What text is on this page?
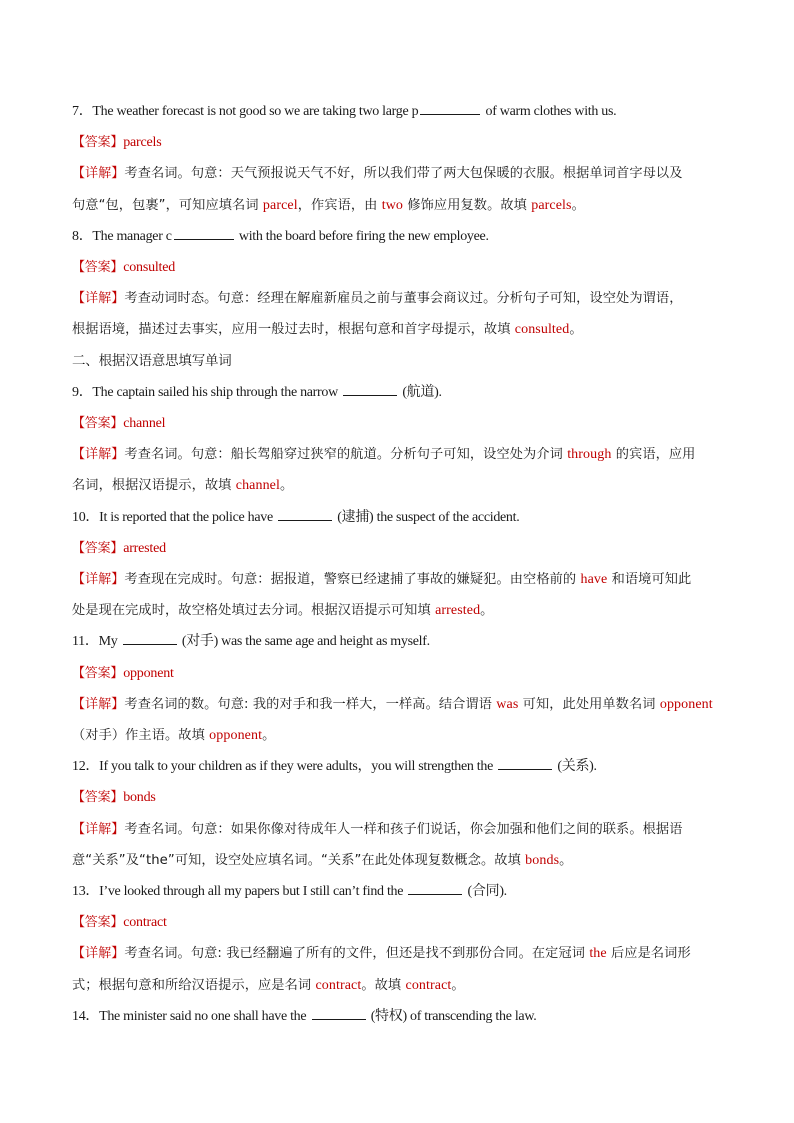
7．The weather forecast is not good so we are taking two large p	of warm clothes with us.
【答案】parcels
【详解】考查名词。句意：天气预报说天气不好，所以我们带了两大包保暖的衣服。根据单词首字母以及
句意“包，包裹”，可知应填名词 parcel，作宾语，由 two 修饰应用复数。故填 parcels。
8．The manager c	with the board before firing the new employee.
【答案】consulted
【详解】考查动词时态。句意：经理在解雇新雇员之前与董事会商议过。分析句子可知，设空处为谓语，
根据语境，描述过去事实，应用一般过去时，根据句意和首字母提示，故填 consulted。
二、根据汉语意思填写单词
9．The captain sailed his ship through the narrow	(航道).
【答案】channel
【详解】考查名词。句意：船长驾船穿过狭窄的航道。分析句子可知，设空处为介词 through 的宾语，应用
名词，根据汉语提示，故填 channel。
10．It is reported that the police have	(逮捕) the suspect of the accident.
【答案】arrested
【详解】考查现在完成时。句意：据报道，警察已经逮捕了事故的嫌疑犯。由空格前的 have 和语境可知此
处是现在完成时，故空格处填过去分词。根据汉语提示可知填 arrested。
11．My	(对手) was the same age and height as myself.
【答案】opponent
【详解】考查名词的数。句意: 我的对手和我一样大，一样高。结合谓语 was 可知，此处用单数名词 opponent
（对手）作主语。故填 opponent。
12．If you talk to your children as if they were adults，you will strengthen the	(关系).
【答案】bonds
【详解】考查名词。句意：如果你像对待成年人一样和孩子们说话，你会加强和他们之间的联系。根据语
意“关系”及“the”可知，设空处应填名词。“关系”在此处体现复数概念。故填 bonds。
13．I’ve looked through all my papers but I still can’t find the	(合同).
【答案】contract
【详解】考查名词。句意: 我已经翻遍了所有的文件，但还是找不到那份合同。在定冠词 the 后应是名词形
式；根据句意和所给汉语提示，应是名词 contract。故填 contract。
14．The minister said no one shall have the	(特权) of transcending the law.
